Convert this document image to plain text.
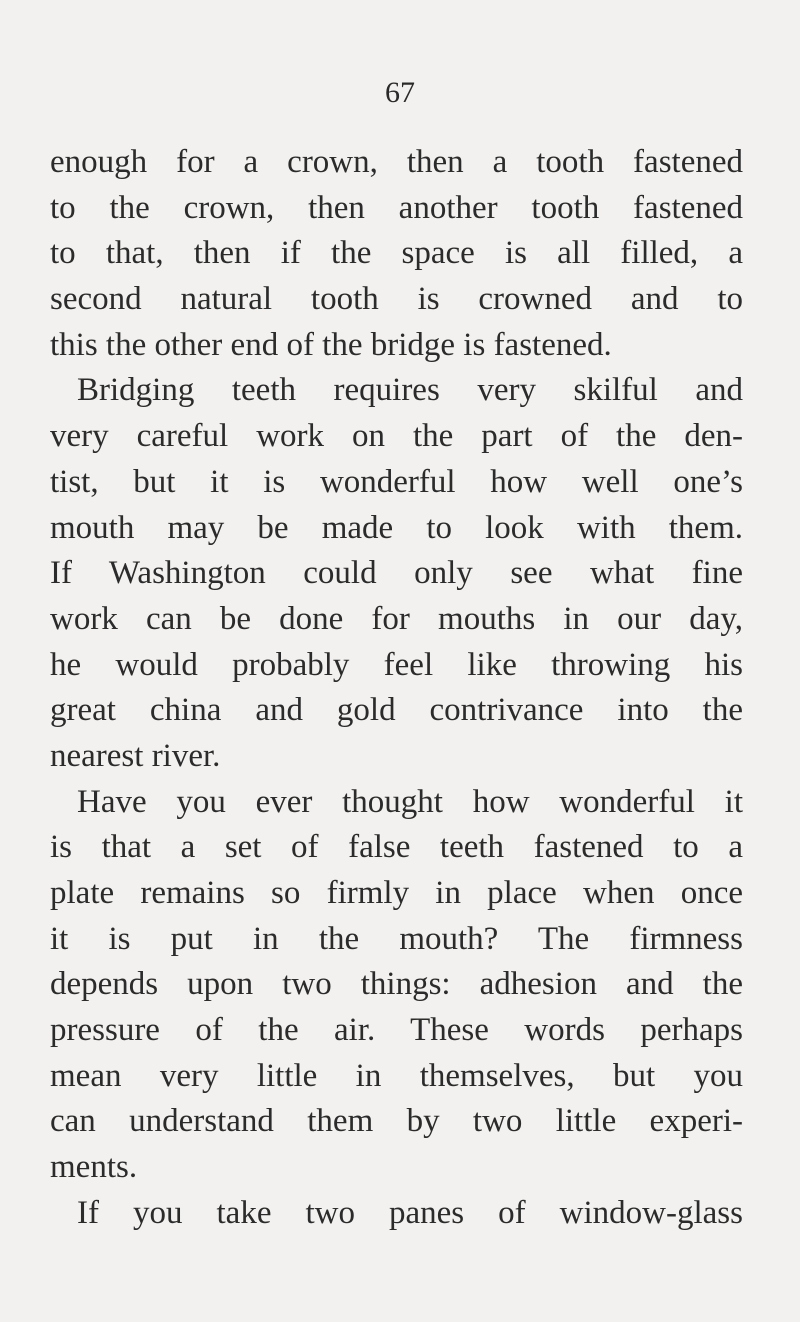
67
enough for a crown, then a tooth fastened
to the crown, then another tooth fastened
to that, then if the space is all filled, a
second natural tooth is crowned and to
this the other end of the bridge is fastened.
Bridging teeth requires very skilful and
very careful work on the part of the den-
tist, but it is wonderful how well one’s
mouth may be made to look with them.
If Washington could only see what fine
work can be done for mouths in our day,
he would probably feel like throwing his
great china and gold contrivance into the
nearest river.
Have you ever thought how wonderful it
is that a set of false teeth fastened to a
plate remains so firmly in place when once
it is put in the mouth? The firmness
depends upon two things: adhesion and the
pressure of the air. These words perhaps
mean very little in themselves, but you
can understand them by two little experi-
ments.
If you take two panes of window-glass
